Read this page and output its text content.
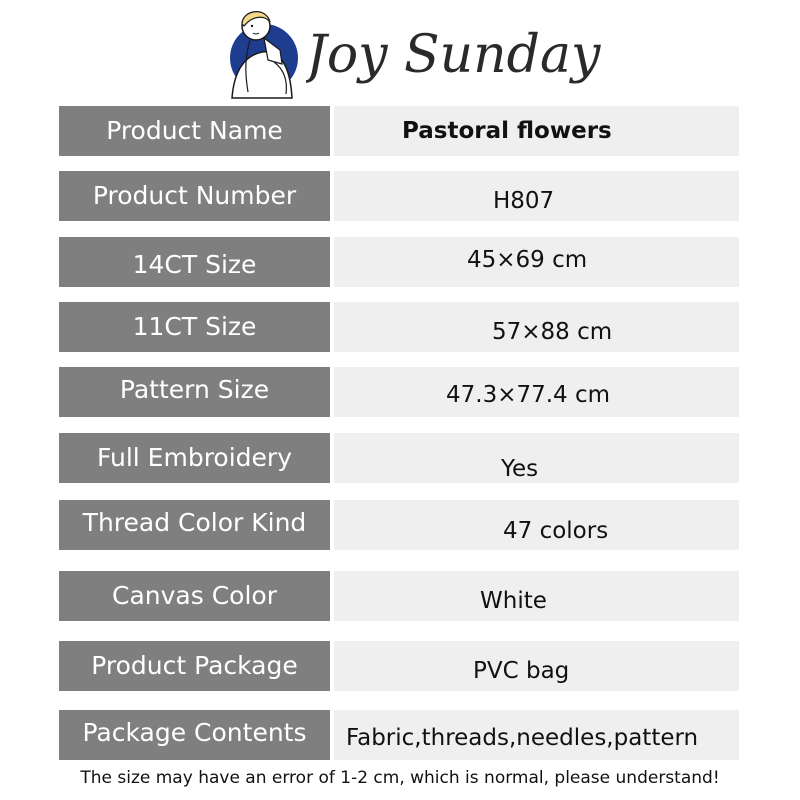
Joy Sunday
Product Name	Pastoral flowers
Product Number	H807
14CT Size	45×69 cm
11CT Size	57×88 cm
Pattern Size	47.3×77.4 cm
Full Embroidery	Yes
Thread Color Kind	47 colors
Canvas Color	White
Product Package	PVC bag
Package Contents	Fabric,threads,needles,pattern
The size may have an error of 1-2 cm, which is normal, please understand!
